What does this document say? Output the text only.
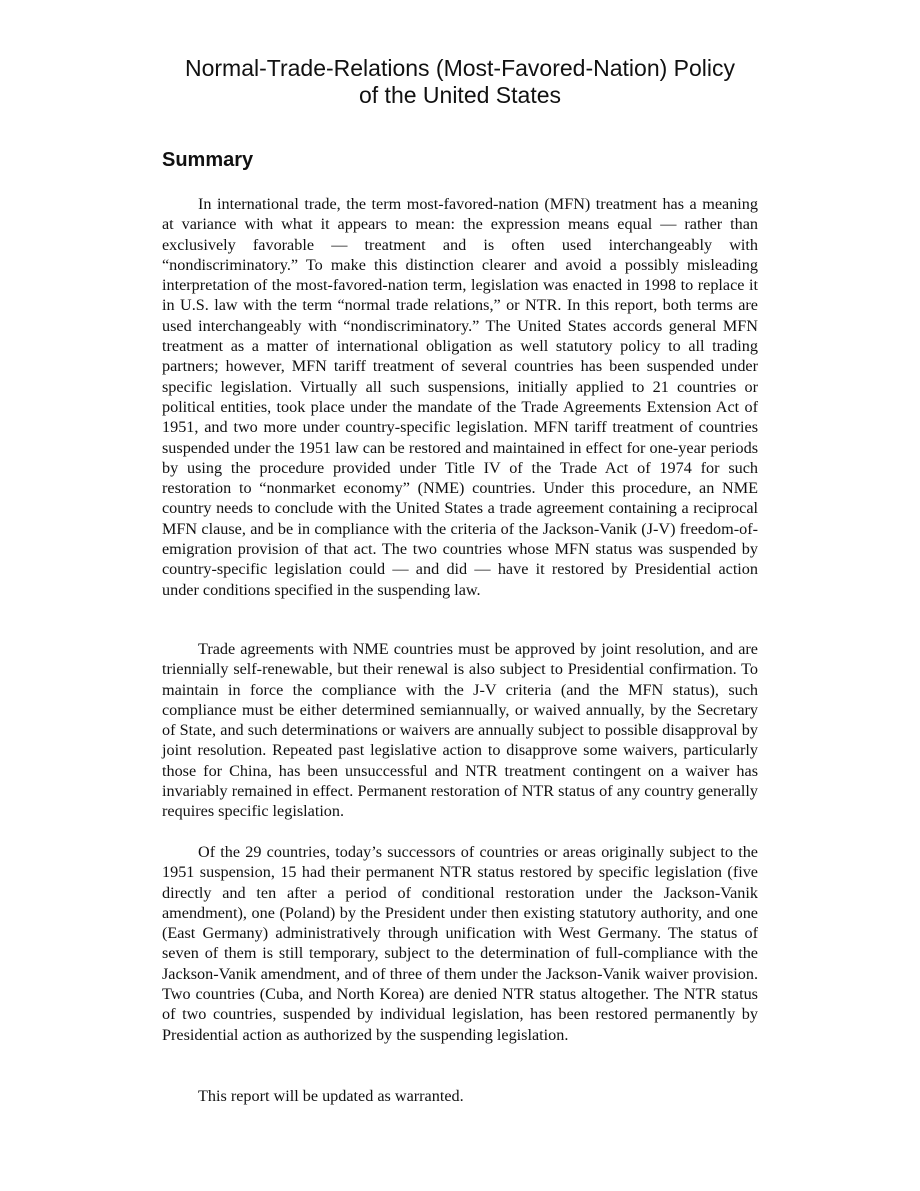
Normal-Trade-Relations (Most-Favored-Nation) Policy
of the United States
Summary

In international trade, the term most-favored-nation (MFN) treatment has a meaning at variance with what it appears to mean: the expression means equal — rather than exclusively favorable — treatment and is often used interchangeably with “nondiscriminatory.” To make this distinction clearer and avoid a possibly misleading interpretation of the most-favored-nation term, legislation was enacted in 1998 to replace it in U.S. law with the term “normal trade relations,” or NTR. In this report, both terms are used interchangeably with “nondiscriminatory.” The United States accords general MFN treatment as a matter of international obligation as well statutory policy to all trading partners; however, MFN tariff treatment of several countries has been suspended under specific legislation. Virtually all such suspensions, initially applied to 21 countries or political entities, took place under the mandate of the Trade Agreements Extension Act of 1951, and two more under country-specific legislation. MFN tariff treatment of countries suspended under the 1951 law can be restored and maintained in effect for one-year periods by using the procedure provided under Title IV of the Trade Act of 1974 for such restoration to “nonmarket economy” (NME) countries. Under this procedure, an NME country needs to conclude with the United States a trade agreement containing a reciprocal MFN clause, and be in compliance with the criteria of the Jackson-Vanik (J-V) freedom-of-emigration provision of that act. The two countries whose MFN status was suspended by country-specific legislation could — and did — have it restored by Presidential action under conditions specified in the suspending law.

Trade agreements with NME countries must be approved by joint resolution, and are triennially self-renewable, but their renewal is also subject to Presidential confirmation. To maintain in force the compliance with the J-V criteria (and the MFN status), such compliance must be either determined semiannually, or waived annually, by the Secretary of State, and such determinations or waivers are annually subject to possible disapproval by joint resolution. Repeated past legislative action to disapprove some waivers, particularly those for China, has been unsuccessful and NTR treatment contingent on a waiver has invariably remained in effect. Permanent restoration of NTR status of any country generally requires specific legislation.

Of the 29 countries, today’s successors of countries or areas originally subject to the 1951 suspension, 15 had their permanent NTR status restored by specific legislation (five directly and ten after a period of conditional restoration under the Jackson-Vanik amendment), one (Poland) by the President under then existing statutory authority, and one (East Germany) administratively through unification with West Germany. The status of seven of them is still temporary, subject to the determination of full-compliance with the Jackson-Vanik amendment, and of three of them under the Jackson-Vanik waiver provision. Two countries (Cuba, and North Korea) are denied NTR status altogether. The NTR status of two countries, suspended by individual legislation, has been restored permanently by Presidential action as authorized by the suspending legislation.

This report will be updated as warranted.
